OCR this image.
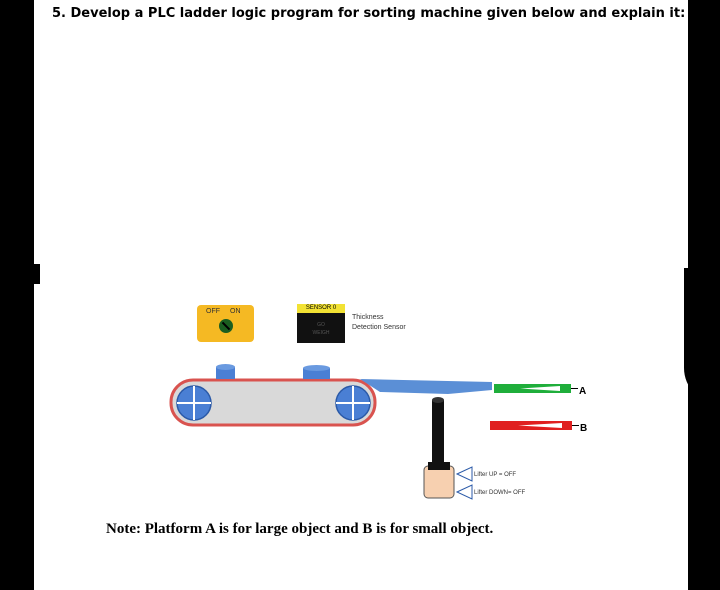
5. Develop a PLC ladder logic program for sorting machine given below and explain it:
OFF ON	SENSOR 0
GO
WEIGH
Thickness
Detection Sensor
A
B
Lifter UP = OFF
Lifter DOWN= OFF
Note: Platform A is for large object and B is for small object.
